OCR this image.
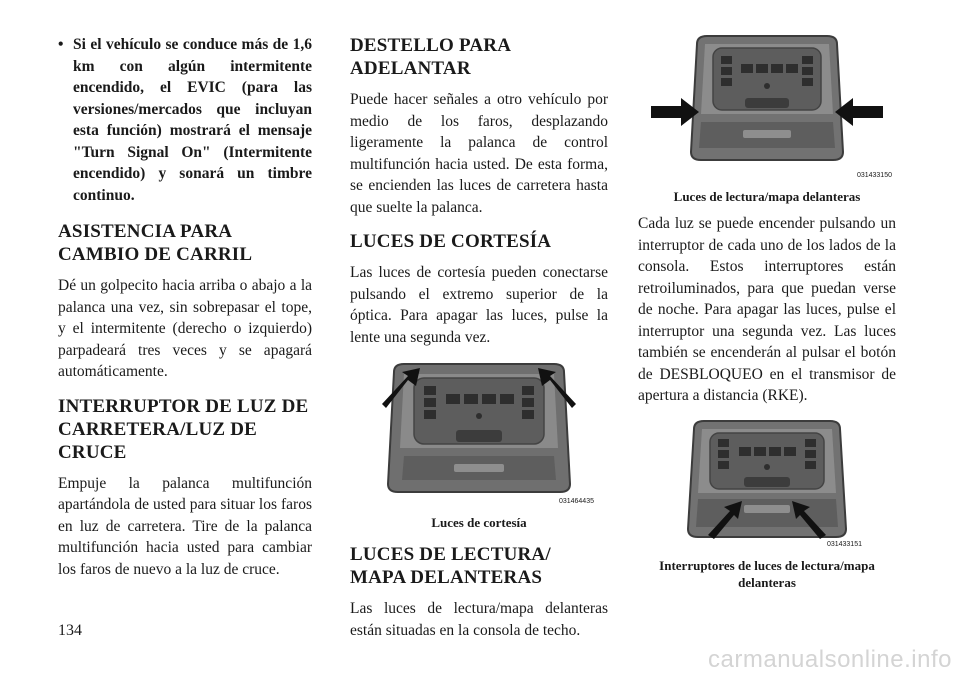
• Si el vehículo se conduce más de 1,6 km con algún intermitente encendido, el EVIC (para las versiones/mercados que incluyan esta función) mostrará el mensaje "Turn Signal On" (Intermitente encendido) y sonará un timbre continuo.
ASISTENCIA PARA CAMBIO DE CARRIL

Dé un golpecito hacia arriba o abajo a la palanca una vez, sin sobrepasar el tope, y el intermitente (derecho o izquierdo) parpadeará tres veces y se apagará automáticamente.

INTERRUPTOR DE LUZ DE CARRETERA/LUZ DE CRUCE

Empuje la palanca multifunción apartándola de usted para situar los faros en luz de carretera. Tire de la palanca multifunción hacia usted para cambiar los faros de nuevo a la luz de cruce.

DESTELLO PARA ADELANTAR

Puede hacer señales a otro vehículo por medio de los faros, desplazando ligeramente la palanca de control multifunción hacia usted. De esta forma, se encienden las luces de carretera hasta que suelte la palanca.

LUCES DE CORTESÍA

Las luces de cortesía pueden conectarse pulsando el extremo superior de la óptica. Para apagar las luces, pulse la lente una segunda vez.

031464435
Luces de cortesía
LUCES DE LECTURA/ MAPA DELANTERAS

Las luces de lectura/mapa delanteras están situadas en la consola de techo.

031433150
Luces de lectura/mapa delanteras

Cada luz se puede encender pulsando un interruptor de cada uno de los lados de la consola. Estos interruptores están retroiluminados, para que puedan verse de noche. Para apagar las luces, pulse el interruptor una segunda vez. Las luces también se encenderán al pulsar el botón de DESBLOQUEO en el transmisor de apertura a distancia (RKE).

031433151
Interruptores de luces de lectura/mapa delanteras
134
carmanualsonline.info
